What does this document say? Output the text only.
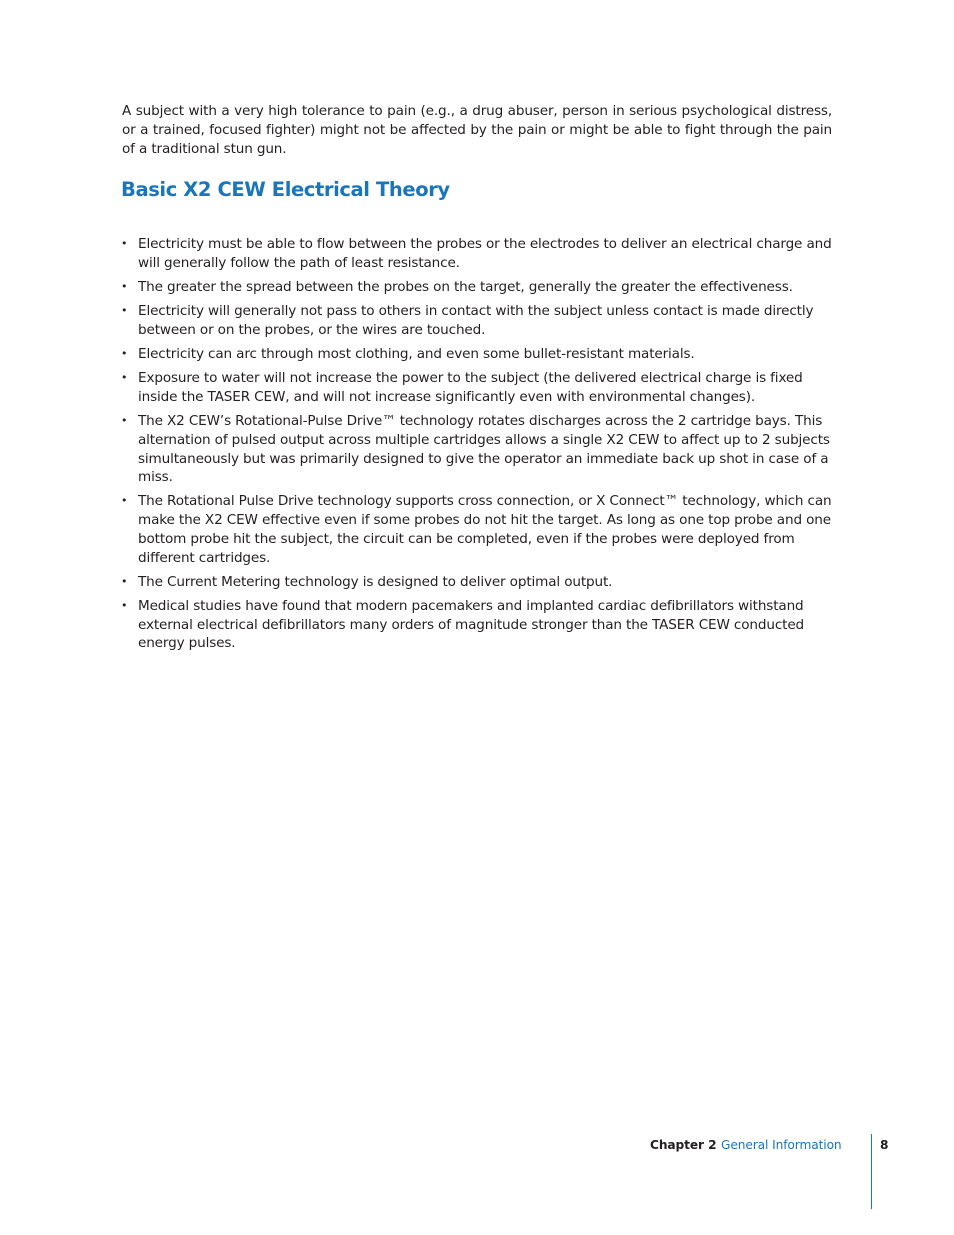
A subject with a very high tolerance to pain (e.g., a drug abuser, person in serious psychological distress, or a trained, focused fighter) might not be affected by the pain or might be able to fight through the pain of a traditional stun gun.

Basic X2 CEW Electrical Theory
• Electricity must be able to flow between the probes or the electrodes to deliver an electrical charge and will generally follow the path of least resistance.
• The greater the spread between the probes on the target, generally the greater the effectiveness.
• Electricity will generally not pass to others in contact with the subject unless contact is made directly between or on the probes, or the wires are touched.
• Electricity can arc through most clothing, and even some bullet-resistant materials.
• Exposure to water will not increase the power to the subject (the delivered electrical charge is fixed inside the TASER CEW, and will not increase significantly even with environmental changes).
• The X2 CEW’s Rotational-Pulse Drive™ technology rotates discharges across the 2 cartridge bays. This alternation of pulsed output across multiple cartridges allows a single X2 CEW to affect up to 2 subjects simultaneously but was primarily designed to give the operator an immediate back up shot in case of a miss.
• The Rotational Pulse Drive technology supports cross connection, or X Connect™ technology, which can make the X2 CEW effective even if some probes do not hit the target. As long as one top probe and one bottom probe hit the subject, the circuit can be completed, even if the probes were deployed from different cartridges.
• The Current Metering technology is designed to deliver optimal output.
• Medical studies have found that modern pacemakers and implanted cardiac defibrillators withstand external electrical defibrillators many orders of magnitude stronger than the TASER CEW conducted energy pulses.
Chapter 2 General Information	8
